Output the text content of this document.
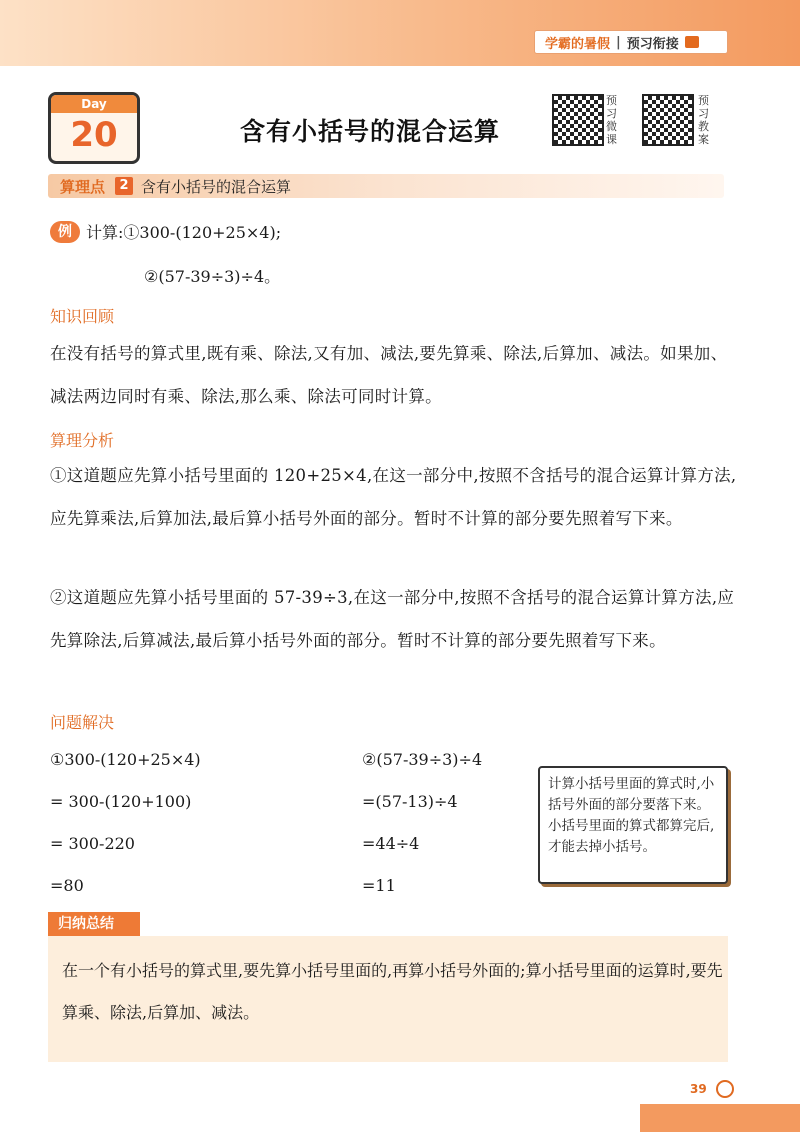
学霸的暑假 | 预习衔接
Day
20	含有小括号的混合运算
预习微课
预习教案
算理点	2 含有小括号的混合运算
例 计算:①300-(120+25×4);
②(57-39÷3)÷4。
知识回顾
在没有括号的算式里,既有乘、除法,又有加、减法,要先算乘、除法,后算加、减法。如果加、减法两边同时有乘、除法,那么乘、除法可同时计算。
算理分析
①这道题应先算小括号里面的 120+25×4,在这一部分中,按照不含括号的混合运算计算方法,应先算乘法,后算加法,最后算小括号外面的部分。暂时不计算的部分要先照着写下来。
②这道题应先算小括号里面的 57-39÷3,在这一部分中,按照不含括号的混合运算计算方法,应先算除法,后算减法,最后算小括号外面的部分。暂时不计算的部分要先照着写下来。
问题解决
①300-(120+25×4)
= 300-(120+100)
= 300-220
=80
②(57-39÷3)÷4
=(57-13)÷4
=44÷4
=11
计算小括号里面的算式时,小括号外面的部分要落下来。小括号里面的算式都算完后,才能去掉小括号。
归纳总结
在一个有小括号的算式里,要先算小括号里面的,再算小括号外面的;算小括号里面的运算时,要先算乘、除法,后算加、减法。
39
